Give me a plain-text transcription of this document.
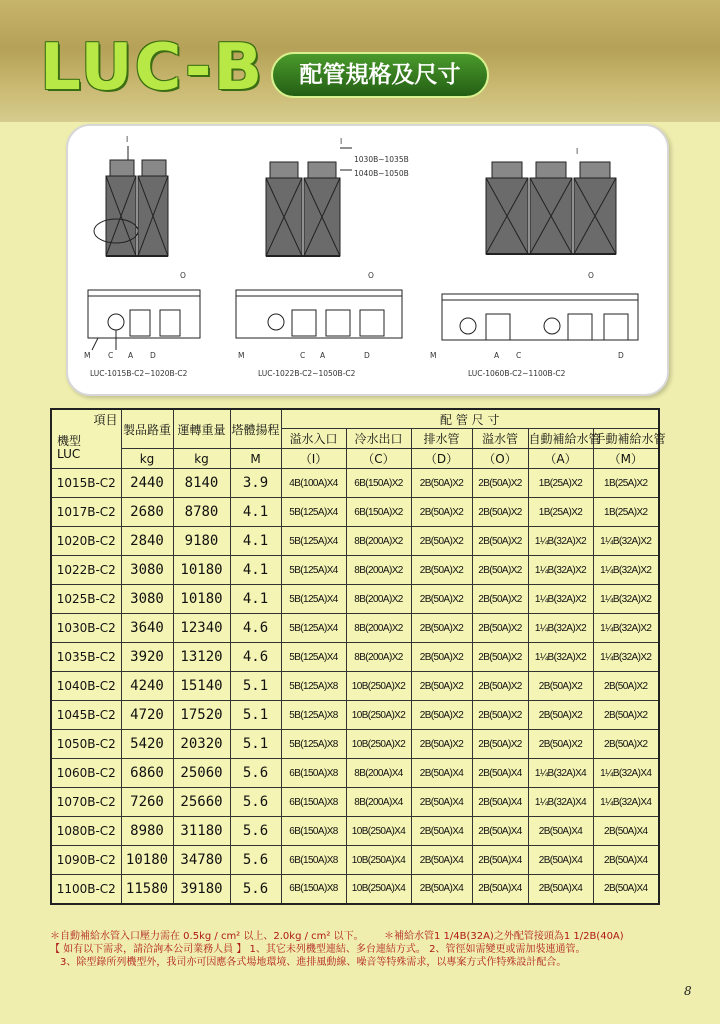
LUC-B	配管規格及尺寸
1030B~1035B
1040B~1050B
I	I
I
M C A D
O
LUC-1015B-C2~1020B-C2
M	C A	D
O
LUC-1022B-C2~1050B-C2
M	A C	D
O
LUC-1060B-C2~1100B-C2
項目
機型
LUC	製品路重	運轉重量	塔體揚程	配 管 尺 寸					
				溢水入口	冷水出口	排水管	溢水管	自動補給水管	手動補給水管
	kg	kg	M	（I）	（C）	（D）	（O）	（A）	（M）
1015B-C2	2440	8140	3.9	4B(100A)X4	6B(150A)X2	2B(50A)X2	2B(50A)X2	1B(25A)X2	1B(25A)X2
1017B-C2	2680	8780	4.1	5B(125A)X4	6B(150A)X2	2B(50A)X2	2B(50A)X2	1B(25A)X2	1B(25A)X2
1020B-C2	2840	9180	4.1	5B(125A)X4	8B(200A)X2	2B(50A)X2	2B(50A)X2	1¼B(32A)X2	1¼B(32A)X2
1022B-C2	3080	10180	4.1	5B(125A)X4	8B(200A)X2	2B(50A)X2	2B(50A)X2	1¼B(32A)X2	1¼B(32A)X2
1025B-C2	3080	10180	4.1	5B(125A)X4	8B(200A)X2	2B(50A)X2	2B(50A)X2	1¼B(32A)X2	1¼B(32A)X2
1030B-C2	3640	12340	4.6	5B(125A)X4	8B(200A)X2	2B(50A)X2	2B(50A)X2	1¼B(32A)X2	1¼B(32A)X2
1035B-C2	3920	13120	4.6	5B(125A)X4	8B(200A)X2	2B(50A)X2	2B(50A)X2	1¼B(32A)X2	1¼B(32A)X2
1040B-C2	4240	15140	5.1	5B(125A)X8	10B(250A)X2	2B(50A)X2	2B(50A)X2	2B(50A)X2	2B(50A)X2
1045B-C2	4720	17520	5.1	5B(125A)X8	10B(250A)X2	2B(50A)X2	2B(50A)X2	2B(50A)X2	2B(50A)X2
1050B-C2	5420	20320	5.1	5B(125A)X8	10B(250A)X2	2B(50A)X2	2B(50A)X2	2B(50A)X2	2B(50A)X2
1060B-C2	6860	25060	5.6	6B(150A)X8	8B(200A)X4	2B(50A)X4	2B(50A)X4	1¼B(32A)X4	1¼B(32A)X4
1070B-C2	7260	25660	5.6	6B(150A)X8	8B(200A)X4	2B(50A)X4	2B(50A)X4	1¼B(32A)X4	1¼B(32A)X4
1080B-C2	8980	31180	5.6	6B(150A)X8	10B(250A)X4	2B(50A)X4	2B(50A)X4	2B(50A)X4	2B(50A)X4
1090B-C2	10180	34780	5.6	6B(150A)X8	10B(250A)X4	2B(50A)X4	2B(50A)X4	2B(50A)X4	2B(50A)X4
1100B-C2	11580	39180	5.6	6B(150A)X8	10B(250A)X4	2B(50A)X4	2B(50A)X4	2B(50A)X4	2B(50A)X4
＊自動補給水管入口壓力需在 0.5kg / cm² 以上、2.0kg / cm² 以下。 ＊補給水管1 1/4B(32A)之外配管接頭為1 1/2B(40A)
【 如有以下需求，請洽詢本公司業務人員 】 1、其它未列機型連結、多台連結方式。 2、管徑如需變更或需加裝連通管。
3、除型錄所列機型外，我司亦可因應各式場地環境、進排風動線、噪音等特殊需求，以專案方式作特殊設計配合。
8
